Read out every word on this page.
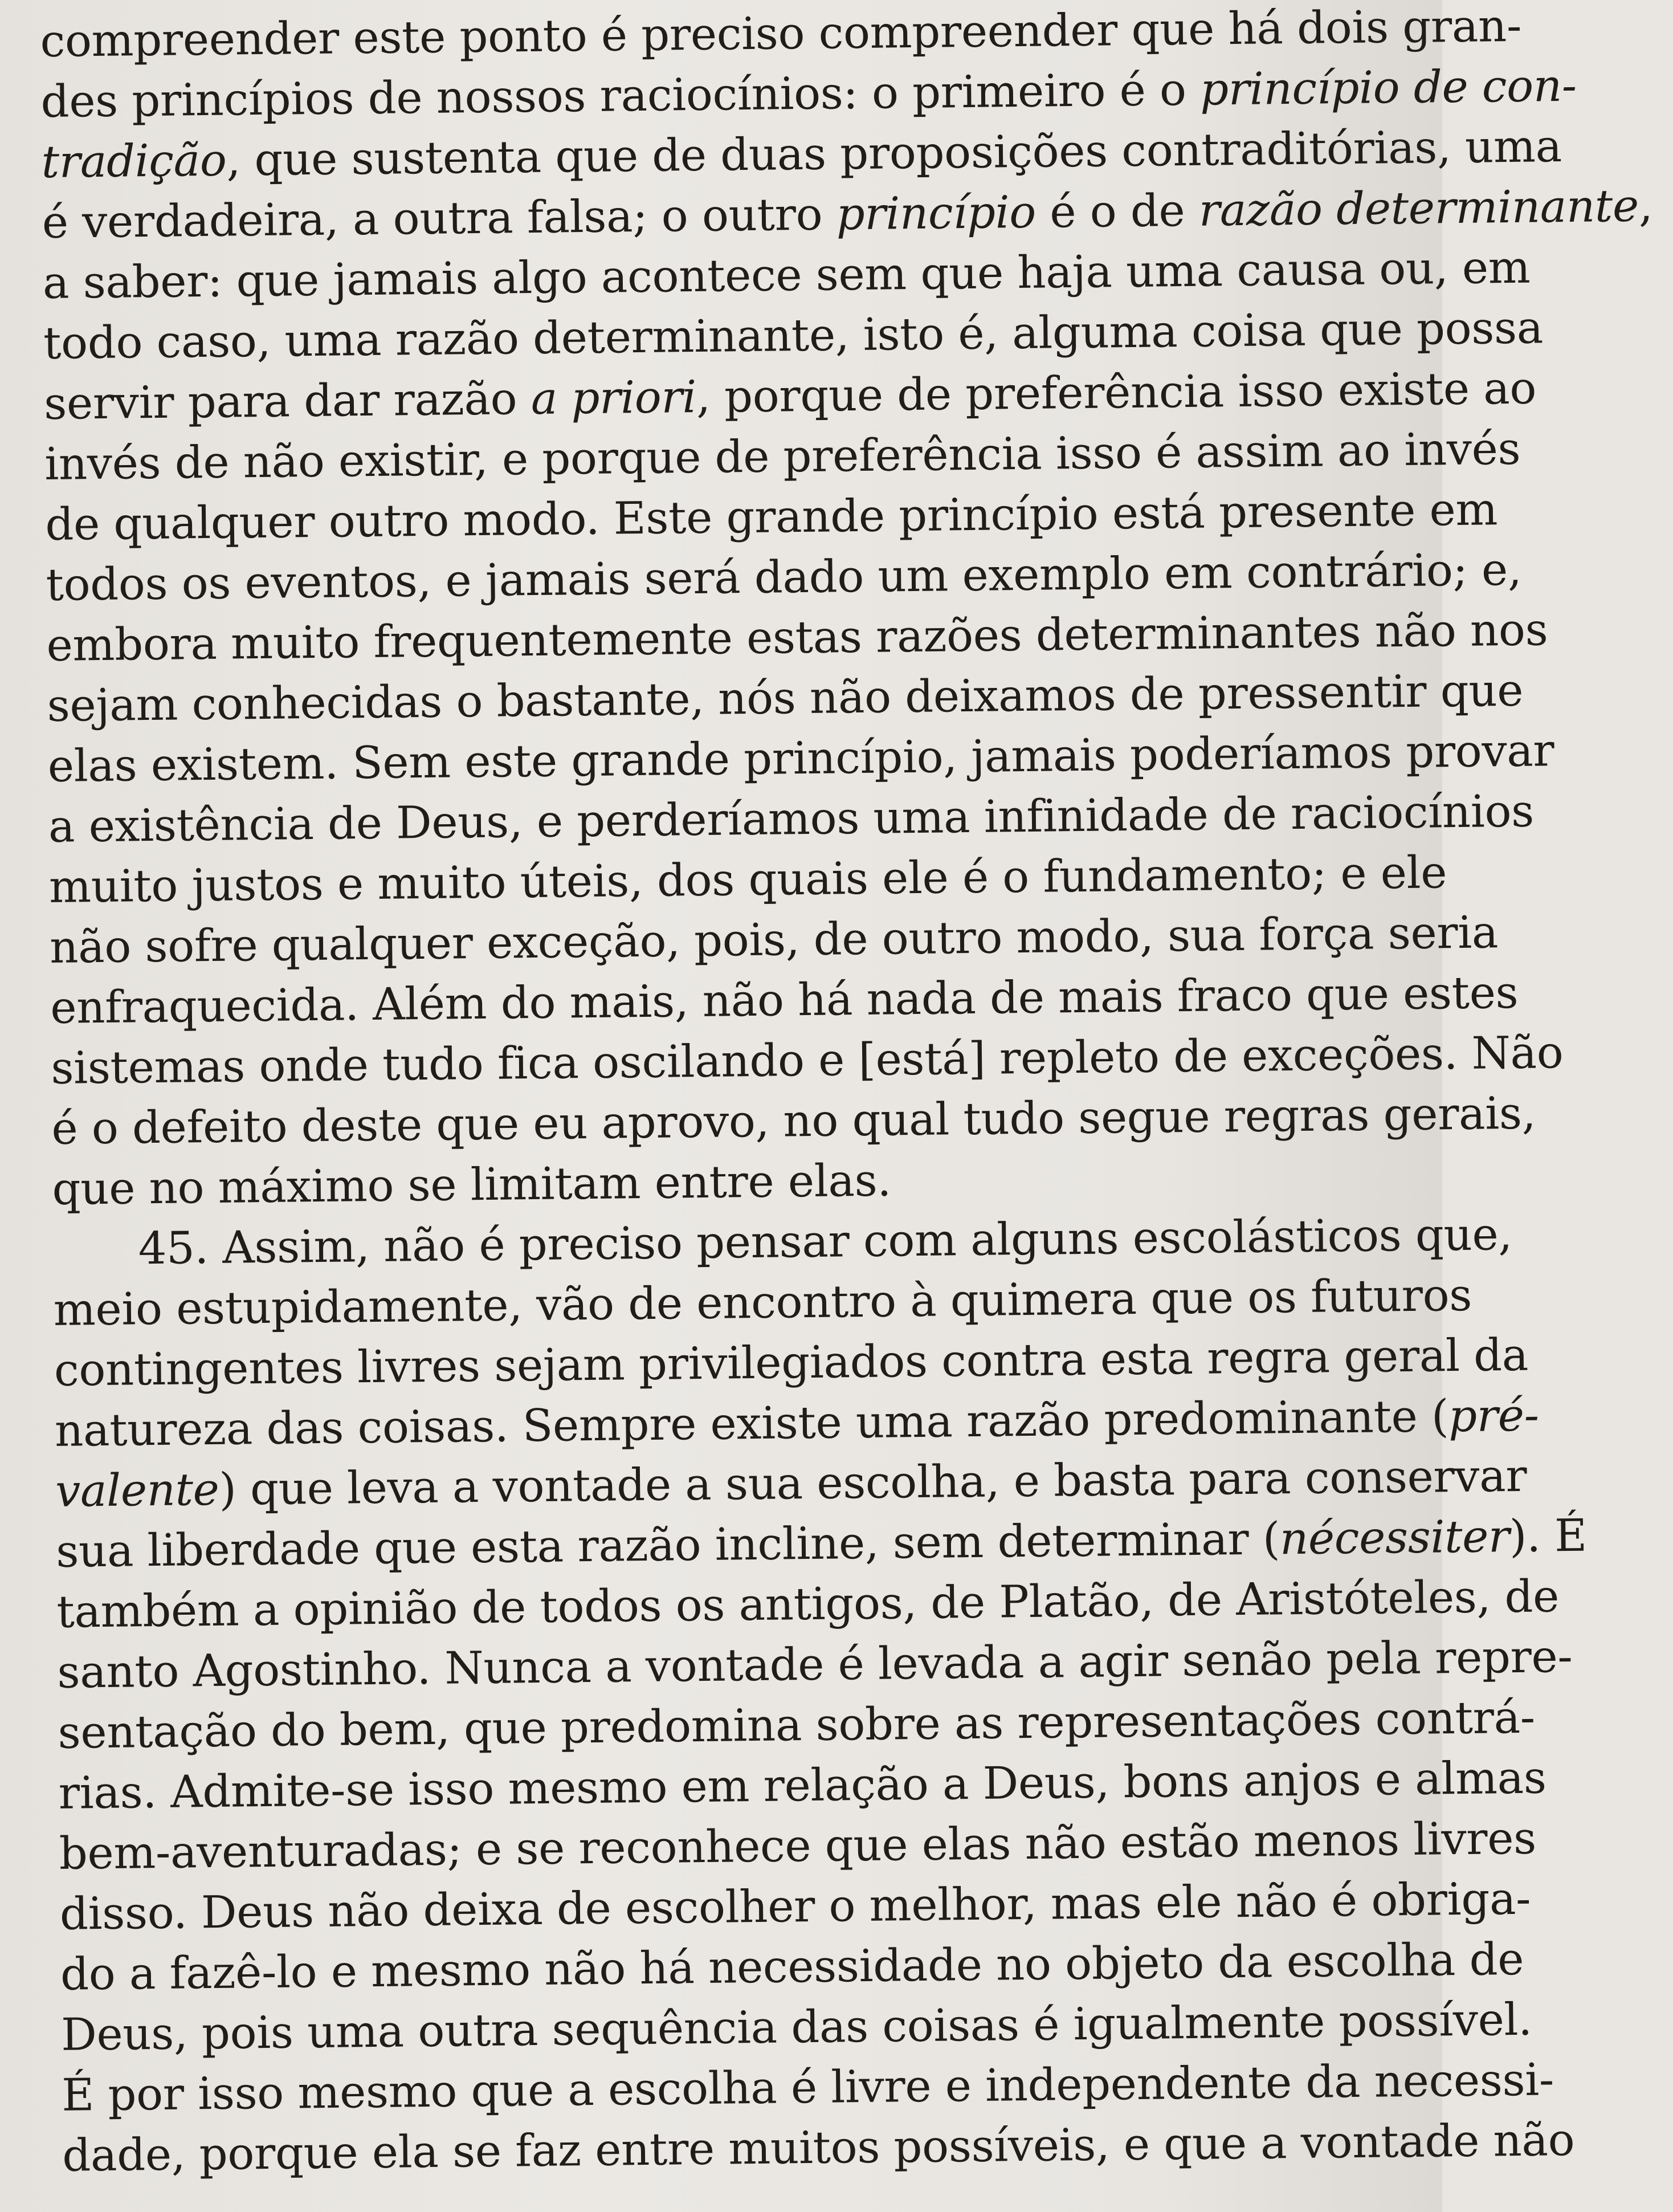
compreender este ponto é preciso compreender que há dois gran-
des princípios de nossos raciocínios: o primeiro é o princípio de con-
tradição, que sustenta que de duas proposições contraditórias, uma
é verdadeira, a outra falsa; o outro princípio é o de razão determinante,
a saber: que jamais algo acontece sem que haja uma causa ou, em
todo caso, uma razão determinante, isto é, alguma coisa que possa
servir para dar razão a priori, porque de preferência isso existe ao
invés de não existir, e porque de preferência isso é assim ao invés
de qualquer outro modo. Este grande princípio está presente em
todos os eventos, e jamais será dado um exemplo em contrário; e,
embora muito frequentemente estas razões determinantes não nos
sejam conhecidas o bastante, nós não deixamos de pressentir que
elas existem. Sem este grande princípio, jamais poderíamos provar
a existência de Deus, e perderíamos uma infinidade de raciocínios
muito justos e muito úteis, dos quais ele é o fundamento; e ele
não sofre qualquer exceção, pois, de outro modo, sua força seria
enfraquecida. Além do mais, não há nada de mais fraco que estes
sistemas onde tudo fica oscilando e [está] repleto de exceções. Não
é o defeito deste que eu aprovo, no qual tudo segue regras gerais,
que no máximo se limitam entre elas.
45. Assim, não é preciso pensar com alguns escolásticos que,
meio estupidamente, vão de encontro à quimera que os futuros
contingentes livres sejam privilegiados contra esta regra geral da
natureza das coisas. Sempre existe uma razão predominante (pré-
valente) que leva a vontade a sua escolha, e basta para conservar
sua liberdade que esta razão incline, sem determinar (nécessiter). É
também a opinião de todos os antigos, de Platão, de Aristóteles, de
santo Agostinho. Nunca a vontade é levada a agir senão pela repre-
sentação do bem, que predomina sobre as representações contrá-
rias. Admite-se isso mesmo em relação a Deus, bons anjos e almas
bem-aventuradas; e se reconhece que elas não estão menos livres
disso. Deus não deixa de escolher o melhor, mas ele não é obriga-
do a fazê-lo e mesmo não há necessidade no objeto da escolha de
Deus, pois uma outra sequência das coisas é igualmente possível.
É por isso mesmo que a escolha é livre e independente da necessi-
dade, porque ela se faz entre muitos possíveis, e que a vontade não
